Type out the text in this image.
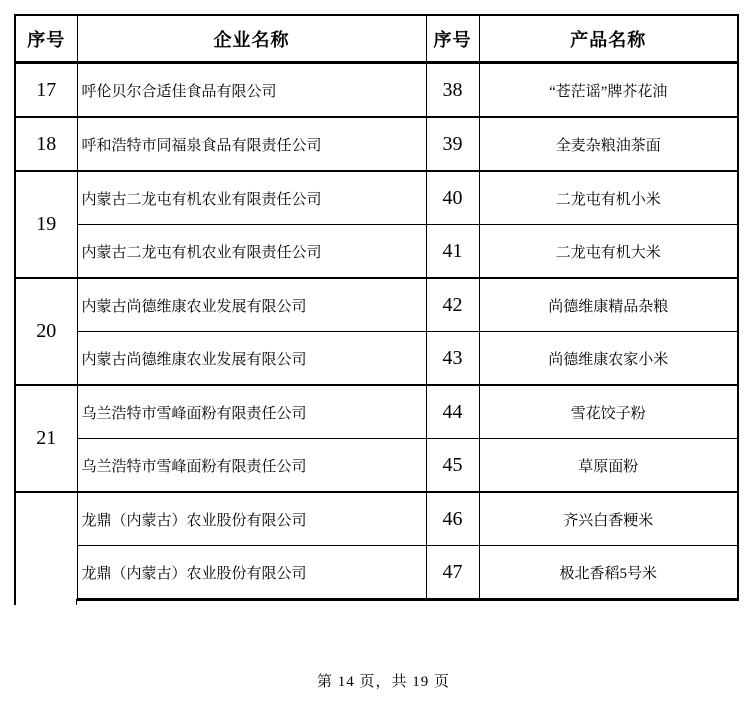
序号	企业名称	序号	产品名称
17	呼伦贝尔合适佳食品有限公司	38	“苍茫谣”牌芥花油
18	呼和浩特市同福泉食品有限责任公司	39	全麦杂粮油茶面
19	内蒙古二龙屯有机农业有限责任公司	40	二龙屯有机小米
	内蒙古二龙屯有机农业有限责任公司	41	二龙屯有机大米
20	内蒙古尚德维康农业发展有限公司	42	尚德维康精品杂粮
	内蒙古尚德维康农业发展有限公司	43	尚德维康农家小米
21	乌兰浩特市雪峰面粉有限责任公司	44	雪花饺子粉
	乌兰浩特市雪峰面粉有限责任公司	45	草原面粉
	龙鼎（内蒙古）农业股份有限公司	46	齐兴白香粳米
	龙鼎（内蒙古）农业股份有限公司	47	极北香稻5号米
第 14 页，共 19 页
